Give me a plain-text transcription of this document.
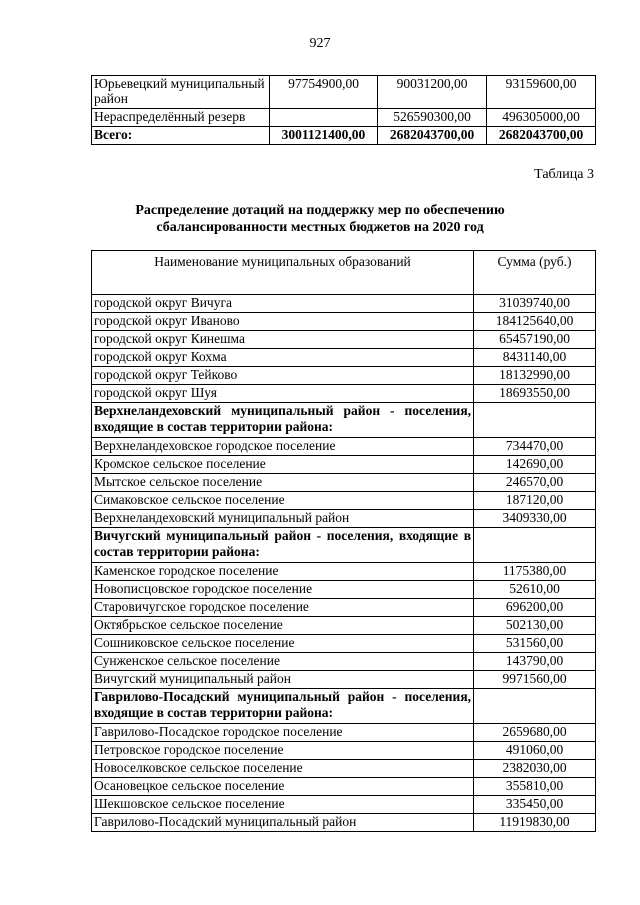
927
Юрьевецкий муниципальный район	97754900,00	90031200,00	93159600,00
Нераспределённый резерв		526590300,00	496305000,00
Всего:	3001121400,00	2682043700,00	2682043700,00
Таблица 3
Распределение дотаций на поддержку мер по обеспечению
сбалансированности местных бюджетов на 2020 год
Наименование муниципальных образований	Сумма (руб.)
городской округ Вичуга	31039740,00
городской округ Иваново	184125640,00
городской округ Кинешма	65457190,00
городской округ Кохма	8431140,00
городской округ Тейково	18132990,00
городской округ Шуя	18693550,00
Верхнеландеховский муниципальный район - поселения, входящие в состав территории района:	
Верхнеландеховское городское поселение	734470,00
Кромское сельское поселение	142690,00
Мытское сельское поселение	246570,00
Симаковское сельское поселение	187120,00
Верхнеландеховский муниципальный район	3409330,00
Вичугский муниципальный район - поселения, входящие в состав территории района:	
Каменское городское поселение	1175380,00
Новописцовское городское поселение	52610,00
Старовичугское городское поселение	696200,00
Октябрьское сельское поселение	502130,00
Сошниковское сельское поселение	531560,00
Сунженское сельское поселение	143790,00
Вичугский муниципальный район	9971560,00
Гаврилово-Посадский муниципальный район - поселения, входящие в состав территории района:	
Гаврилово-Посадское городское поселение	2659680,00
Петровское городское поселение	491060,00
Новоселковское сельское поселение	2382030,00
Осановецкое сельское поселение	355810,00
Шекшовское сельское поселение	335450,00
Гаврилово-Посадский муниципальный район	11919830,00
